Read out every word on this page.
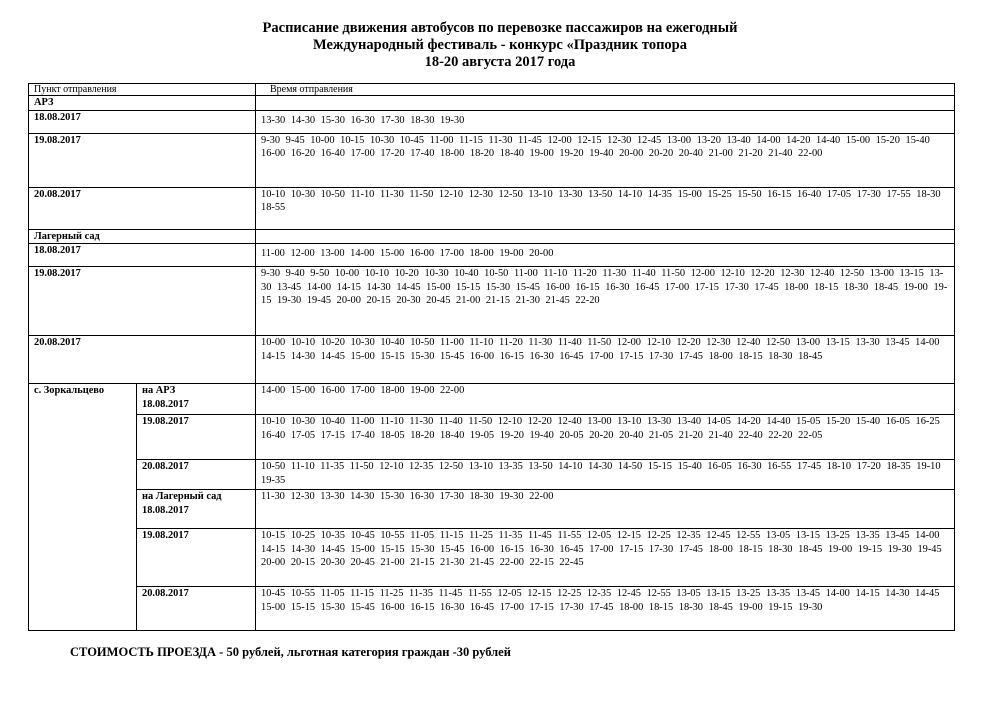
Расписание движения автобусов по перевозке пассажиров на ежегодный
Международный фестиваль - конкурс «Праздник топора
18-20 августа 2017 года
Пункт отправления		Время отправления
АРЗ		
18.08.2017		13-30 14-30 15-30 16-30 17-30 18-30 19-30
19.08.2017		9-30 9-45 10-00 10-15 10-30 10-45 11-00 11-15 11-30 11-45 12-00 12-15 12-30 12-45 13-00 13-20 13-40 14-00 14-20 14-40 15-00 15-20 15-40 16-00 16-20 16-40 17-00 17-20 17-40 18-00 18-20 18-40 19-00 19-20 19-40 20-00 20-20 20-40 21-00 21-20 21-40 22-00
20.08.2017		10-10 10-30 10-50 11-10 11-30 11-50 12-10 12-30 12-50 13-10 13-30 13-50 14-10 14-35 15-00 15-25 15-50 16-15 16-40 17-05 17-30 17-55 18-30 18-55
Лагерный сад		
18.08.2017		11-00 12-00 13-00 14-00 15-00 16-00 17-00 18-00 19-00 20-00
19.08.2017		9-30 9-40 9-50 10-00 10-10 10-20 10-30 10-40 10-50 11-00 11-10 11-20 11-30 11-40 11-50 12-00 12-10 12-20 12-30 12-40 12-50 13-00 13-15 13-30 13-45 14-00 14-15 14-30 14-45 15-00 15-15 15-30 15-45 16-00 16-15 16-30 16-45 17-00 17-15 17-30 17-45 18-00 18-15 18-30 18-45 19-00 19-15 19-30 19-45 20-00 20-15 20-30 20-45 21-00 21-15 21-30 21-45 22-20
20.08.2017		10-00 10-10 10-20 10-30 10-40 10-50 11-00 11-10 11-20 11-30 11-40 11-50 12-00 12-10 12-20 12-30 12-40 12-50 13-00 13-15 13-30 13-45 14-00 14-15 14-30 14-45 15-00 15-15 15-30 15-45 16-00 16-15 16-30 16-45 17-00 17-15 17-30 17-45 18-00 18-15 18-30 18-45
с. Зоркальцево	на АРЗ
18.08.2017	14-00 15-00 16-00 17-00 18-00 19-00 22-00
	19.08.2017	10-10 10-30 10-40 11-00 11-10 11-30 11-40 11-50 12-10 12-20 12-40 13-00 13-10 13-30 13-40 14-05 14-20 14-40 15-05 15-20 15-40 16-05 16-25 16-40 17-05 17-15 17-40 18-05 18-20 18-40 19-05 19-20 19-40 20-05 20-20 20-40 21-05 21-20 21-40 22-40 22-20 22-05
	20.08.2017	10-50 11-10 11-35 11-50 12-10 12-35 12-50 13-10 13-35 13-50 14-10 14-30 14-50 15-15 15-40 16-05 16-30 16-55 17-45 18-10 17-20 18-35 19-10 19-35

	на Лагерный сад
18.08.2017	11-30 12-30 13-30 14-30 15-30 16-30 17-30 18-30 19-30 22-00
	19.08.2017	10-15 10-25 10-35 10-45 10-55 11-05 11-15 11-25 11-35 11-45 11-55 12-05 12-15 12-25 12-35 12-45 12-55 13-05 13-15 13-25 13-35 13-45 14-00 14-15 14-30 14-45 15-00 15-15 15-30 15-45 16-00 16-15 16-30 16-45 17-00 17-15 17-30 17-45 18-00 18-15 18-30 18-45 19-00 19-15 19-30 19-45 20-00 20-15 20-30 20-45 21-00 21-15 21-30 21-45 22-00 22-15 22-45
	20.08.2017	10-45 10-55 11-05 11-15 11-25 11-35 11-45 11-55 12-05 12-15 12-25 12-35 12-45 12-55 13-05 13-15 13-25 13-35 13-45 14-00 14-15 14-30 14-45 15-00 15-15 15-30 15-45 16-00 16-15 16-30 16-45 17-00 17-15 17-30 17-45 18-00 18-15 18-30 18-45 19-00 19-15 19-30
СТОИМОСТЬ ПРОЕЗДА - 50 рублей, льготная категория граждан -30 рублей
